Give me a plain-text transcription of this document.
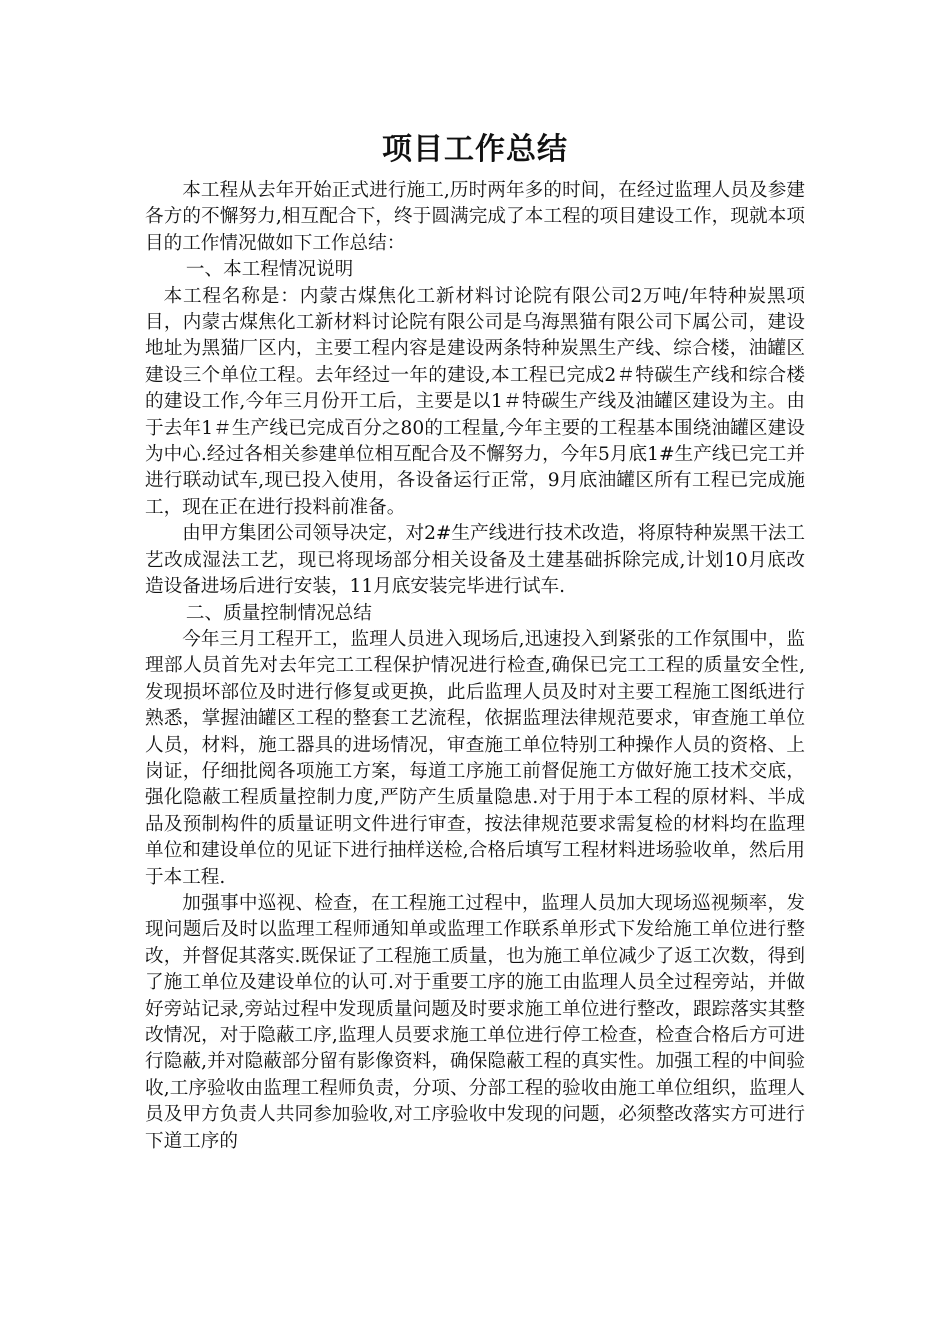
项目工作总结

本工程从去年开始正式进行施工,历时两年多的时间，在经过监理人员及参建各方的不懈努力,相互配合下，终于圆满完成了本工程的项目建设工作，现就本项目的工作情况做如下工作总结：

一、本工程情况说明

本工程名称是：内蒙古煤焦化工新材料讨论院有限公司2万吨/年特种炭黑项目，内蒙古煤焦化工新材料讨论院有限公司是乌海黑猫有限公司下属公司，建设地址为黑猫厂区内，主要工程内容是建设两条特种炭黑生产线、综合楼，油罐区建设三个单位工程。去年经过一年的建设,本工程已完成2＃特碳生产线和综合楼的建设工作,今年三月份开工后，主要是以1＃特碳生产线及油罐区建设为主。由于去年1＃生产线已完成百分之80的工程量,今年主要的工程基本围绕油罐区建设为中心.经过各相关参建单位相互配合及不懈努力，今年5月底1#生产线已完工并进行联动试车,现已投入使用，各设备运行正常，9月底油罐区所有工程已完成施工，现在正在进行投料前准备。

由甲方集团公司领导决定，对2#生产线进行技术改造，将原特种炭黑干法工艺改成湿法工艺，现已将现场部分相关设备及土建基础拆除完成,计划10月底改造设备进场后进行安装，11月底安装完毕进行试车.

二、质量控制情况总结

今年三月工程开工，监理人员进入现场后,迅速投入到紧张的工作氛围中，监理部人员首先对去年完工工程保护情况进行检查,确保已完工工程的质量安全性,发现损坏部位及时进行修复或更换，此后监理人员及时对主要工程施工图纸进行熟悉，掌握油罐区工程的整套工艺流程，依据监理法律规范要求，审查施工单位人员，材料，施工器具的进场情况，审查施工单位特别工种操作人员的资格、上岗证，仔细批阅各项施工方案，每道工序施工前督促施工方做好施工技术交底，强化隐蔽工程质量控制力度,严防产生质量隐患.对于用于本工程的原材料、半成品及预制构件的质量证明文件进行审查，按法律规范要求需复检的材料均在监理单位和建设单位的见证下进行抽样送检,合格后填写工程材料进场验收单，然后用于本工程.

加强事中巡视、检查，在工程施工过程中，监理人员加大现场巡视频率，发现问题后及时以监理工程师通知单或监理工作联系单形式下发给施工单位进行整改，并督促其落实.既保证了工程施工质量，也为施工单位减少了返工次数，得到了施工单位及建设单位的认可.对于重要工序的施工由监理人员全过程旁站，并做好旁站记录,旁站过程中发现质量问题及时要求施工单位进行整改，跟踪落实其整改情况，对于隐蔽工序,监理人员要求施工单位进行停工检查，检查合格后方可进行隐蔽,并对隐蔽部分留有影像资料，确保隐蔽工程的真实性。加强工程的中间验收,工序验收由监理工程师负责，分项、分部工程的验收由施工单位组织，监理人员及甲方负责人共同参加验收,对工序验收中发现的问题，必须整改落实方可进行下道工序的
